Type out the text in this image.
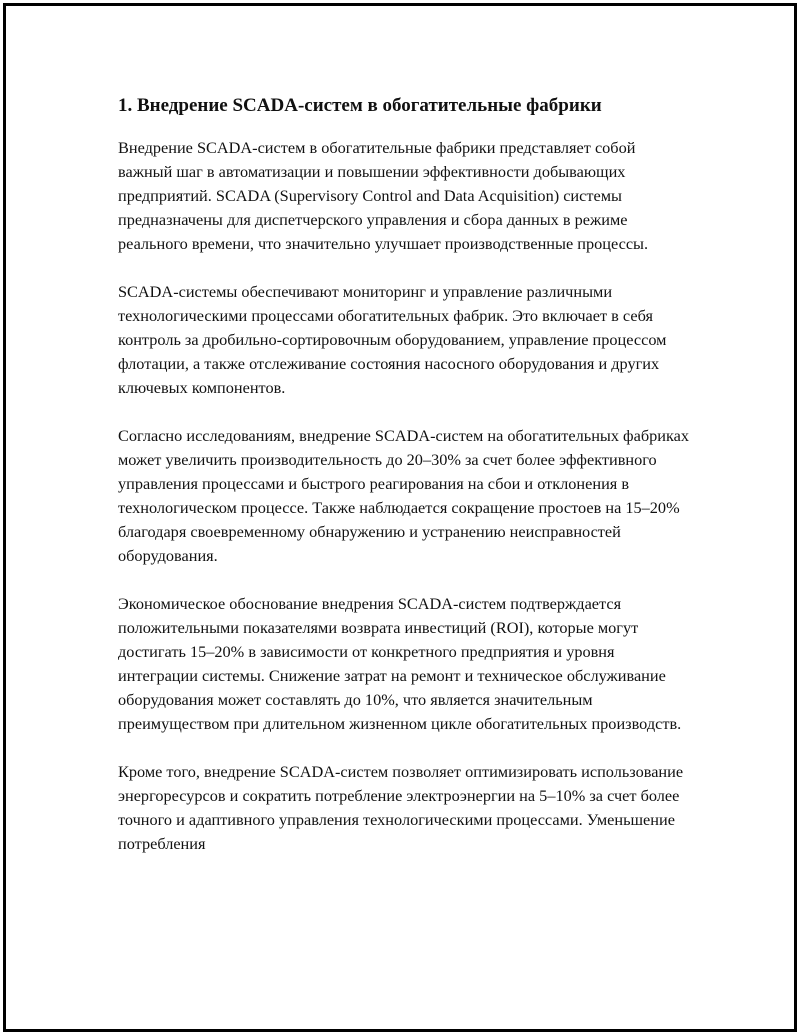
1. Внедрение SCADA-систем в обогатительные фабрики

Внедрение SCADA-систем в обогатительные фабрики представляет собой важный шаг в автоматизации и повышении эффективности добывающих предприятий. SCADA (Supervisory Control and Data Acquisition) системы предназначены для диспетчерского управления и сбора данных в режиме реального времени, что значительно улучшает производственные процессы.

SCADA-системы обеспечивают мониторинг и управление различными технологическими процессами обогатительных фабрик. Это включает в себя контроль за дробильно-сортировочным оборудованием, управление процессом флотации, а также отслеживание состояния насосного оборудования и других ключевых компонентов.

Согласно исследованиям, внедрение SCADA-систем на обогатительных фабриках может увеличить производительность до 20–30% за счет более эффективного управления процессами и быстрого реагирования на сбои и отклонения в технологическом процессе. Также наблюдается сокращение простоев на 15–20% благодаря своевременному обнаружению и устранению неисправностей оборудования.

Экономическое обоснование внедрения SCADA-систем подтверждается положительными показателями возврата инвестиций (ROI), которые могут достигать 15–20% в зависимости от конкретного предприятия и уровня интеграции системы. Снижение затрат на ремонт и техническое обслуживание оборудования может составлять до 10%, что является значительным преимуществом при длительном жизненном цикле обогатительных производств.

Кроме того, внедрение SCADA-систем позволяет оптимизировать использование энергоресурсов и сократить потребление электроэнергии на 5–10% за счет более точного и адаптивного управления технологическими процессами. Уменьшение потребления
